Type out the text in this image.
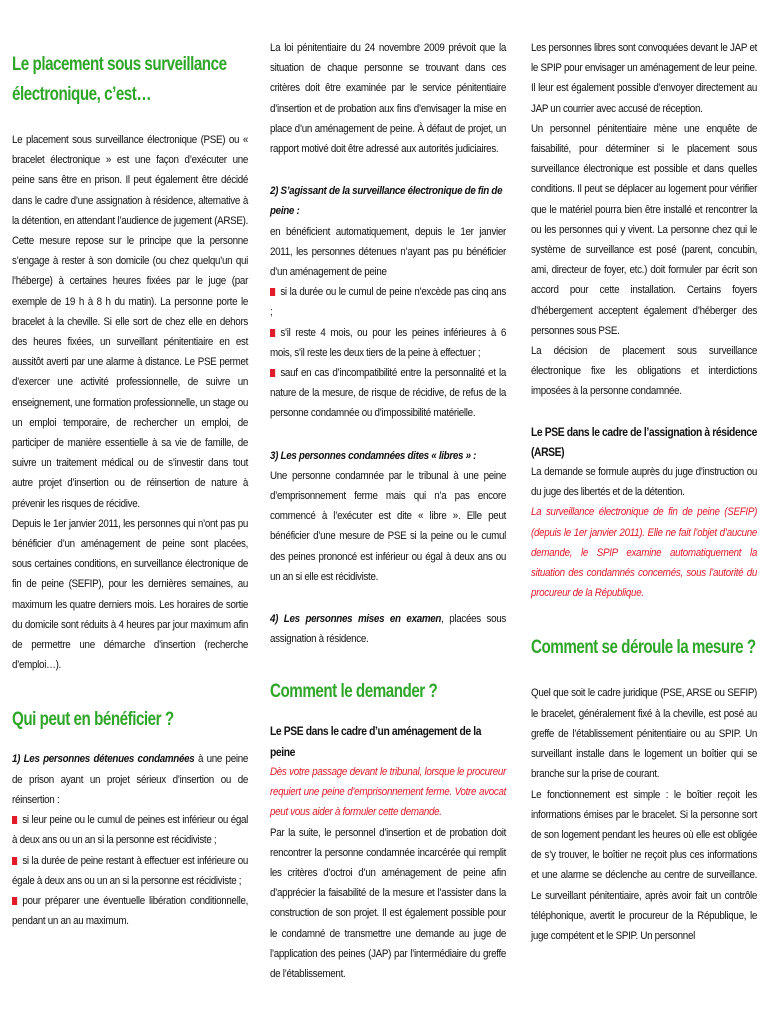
Le placement sous surveillance électronique, c’est…

Le placement sous surveillance électronique (PSE) ou « bracelet électronique » est une façon d’exécuter une peine sans être en prison. Il peut également être décidé dans le cadre d’une assignation à résidence, alternative à la détention, en attendant l’audience de jugement (ARSE). Cette mesure repose sur le principe que la personne s’engage à rester à son domicile (ou chez quelqu’un qui l’héberge) à certaines heures fixées par le juge (par exemple de 19 h à 8 h du matin). La personne porte le bracelet à la cheville. Si elle sort de chez elle en dehors des heures fixées, un surveillant pénitentiaire en est aussitôt averti par une alarme à distance. Le PSE permet d’exercer une activité professionnelle, de suivre un enseignement, une formation professionnelle, un stage ou un emploi temporaire, de rechercher un emploi, de participer de manière essentielle à sa vie de famille, de suivre un traitement médical ou de s’investir dans tout autre projet d’insertion ou de réinsertion de nature à prévenir les risques de récidive.

Depuis le 1er janvier 2011, les personnes qui n’ont pas pu bénéficier d’un aménagement de peine sont placées, sous certaines conditions, en surveillance électronique de fin de peine (SEFIP), pour les dernières semaines, au maximum les quatre derniers mois. Les horaires de sortie du domicile sont réduits à 4 heures par jour maximum afin de permettre une démarche d’insertion (recherche d’emploi…).

Qui peut en bénéficier ?

1) Les personnes détenues condamnées à une peine de prison ayant un projet sérieux d’insertion ou de réinsertion :

si leur peine ou le cumul de peines est inférieur ou égal à deux ans ou un an si la personne est récidiviste ;

si la durée de peine restant à effectuer est inférieure ou égale à deux ans ou un an si la personne est récidiviste ;

pour préparer une éventuelle libération conditionnelle, pendant un an au maximum.

La loi pénitentiaire du 24 novembre 2009 prévoit que la situation de chaque personne se trouvant dans ces critères doit être examinée par le service pénitentiaire d’insertion et de probation aux fins d’envisager la mise en place d’un aménagement de peine. À défaut de projet, un rapport motivé doit être adressé aux autorités judiciaires.

2) S’agissant de la surveillance électronique de fin de peine :

en bénéficient automatiquement, depuis le 1er janvier 2011, les personnes détenues n’ayant pas pu bénéficier d’un aménagement de peine

si la durée ou le cumul de peine n’excède pas cinq ans ;

s’il reste 4 mois, ou pour les peines inférieures à 6 mois, s’il reste les deux tiers de la peine à effectuer ;

sauf en cas d’incompatibilité entre la personnalité et la nature de la mesure, de risque de récidive, de refus de la personne condamnée ou d’impossibilité matérielle.

3) Les personnes condamnées dites « libres » :

Une personne condamnée par le tribunal à une peine d’emprisonnement ferme mais qui n’a pas encore commencé à l’exécuter est dite « libre ». Elle peut bénéficier d’une mesure de PSE si la peine ou le cumul des peines prononcé est inférieur ou égal à deux ans ou un an si elle est récidiviste.

4) Les personnes mises en examen, placées sous assignation à résidence.

Comment le demander ?

Le PSE dans le cadre d’un aménagement de la peine

Dès votre passage devant le tribunal, lorsque le procureur requiert une peine d’emprisonnement ferme. Votre avocat peut vous aider à formuler cette demande.

Par la suite, le personnel d’insertion et de probation doit rencontrer la personne condamnée incarcérée qui remplit les critères d’octroi d’un aménagement de peine afin d’apprécier la faisabilité de la mesure et l’assister dans la construction de son projet. Il est également possible pour le condamné de transmettre une demande au juge de l’application des peines (JAP) par l’intermédiaire du greffe de l’établissement.

Les personnes libres sont convoquées devant le JAP et le SPIP pour envisager un aménagement de leur peine. Il leur est également possible d’envoyer directement au JAP un courrier avec accusé de réception.

Un personnel pénitentiaire mène une enquête de faisabilité, pour déterminer si le placement sous surveillance électronique est possible et dans quelles conditions. Il peut se déplacer au logement pour vérifier que le matériel pourra bien être installé et rencontrer la ou les personnes qui y vivent. La personne chez qui le système de surveillance est posé (parent, concubin, ami, directeur de foyer, etc.) doit formuler par écrit son accord pour cette installation. Certains foyers d’hébergement acceptent également d’héberger des personnes sous PSE.

La décision de placement sous surveillance électronique fixe les obligations et interdictions imposées à la personne condamnée.

Le PSE dans le cadre de l’assignation à résidence (ARSE)

La demande se formule auprès du juge d’instruction ou du juge des libertés et de la détention.

La surveillance électronique de fin de peine (SEFIP) (depuis le 1er janvier 2011). Elle ne fait l’objet d’aucune demande, le SPIP examine automatiquement la situation des condamnés concernés, sous l’autorité du procureur de la République.

Comment se déroule la mesure ?

Quel que soit le cadre juridique (PSE, ARSE ou SEFIP) le bracelet, généralement fixé à la cheville, est posé au greffe de l’établissement pénitentiaire ou au SPIP. Un surveillant installe dans le logement un boîtier qui se branche sur la prise de courant.

Le fonctionnement est simple : le boîtier reçoit les informations émises par le bracelet. Si la personne sort de son logement pendant les heures où elle est obligée de s’y trouver, le boîtier ne reçoit plus ces informations et une alarme se déclenche au centre de surveillance. Le surveillant pénitentiaire, après avoir fait un contrôle téléphonique, avertit le procureur de la République, le juge compétent et le SPIP. Un personnel
